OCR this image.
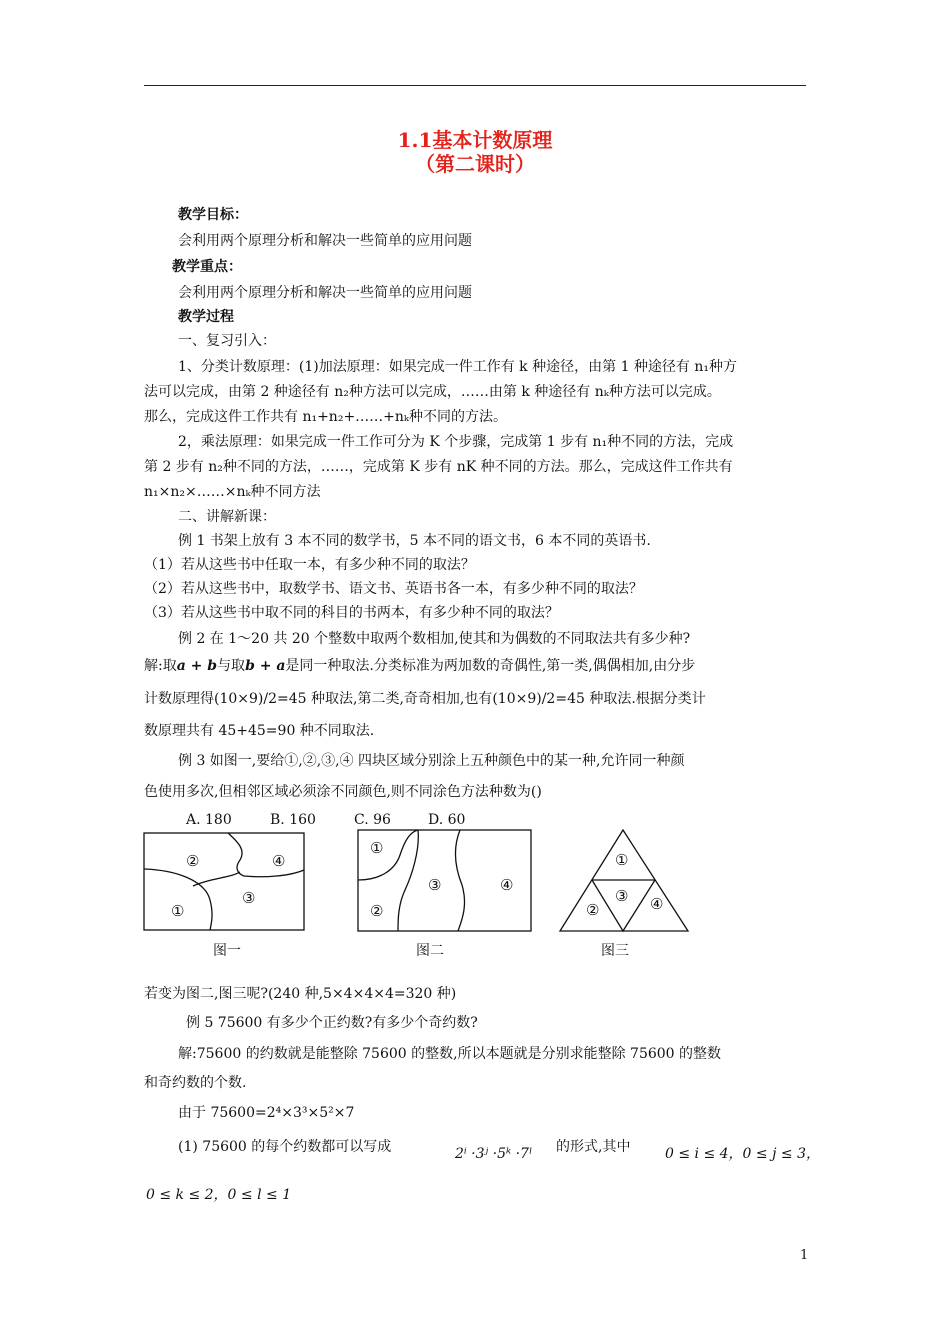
1.1基本计数原理
（第二课时）
教学目标：
会利用两个原理分析和解决一些简单的应用问题
教学重点：
会利用两个原理分析和解决一些简单的应用问题
教学过程
一、复习引入：
1、分类计数原理：(1)加法原理：如果完成一件工作有 k 种途径，由第 1 种途径有 n₁种方
法可以完成，由第 2 种途径有 n₂种方法可以完成，……由第 k 种途径有 nₖ种方法可以完成。
那么，完成这件工作共有 n₁+n₂+……+nₖ种不同的方法。
2，乘法原理：如果完成一件工作可分为 K 个步骤，完成第 1 步有 n₁种不同的方法，完成
第 2 步有 n₂种不同的方法，……，完成第 K 步有 nK 种不同的方法。那么，完成这件工作共有
n₁×n₂×……×nₖ种不同方法
二、讲解新课：
例 1 书架上放有 3 本不同的数学书，5 本不同的语文书，6 本不同的英语书.
（1）若从这些书中任取一本，有多少种不同的取法？
（2）若从这些书中，取数学书、语文书、英语书各一本，有多少种不同的取法？
（3）若从这些书中取不同的科目的书两本，有多少种不同的取法？
例 2 在 1～20 共 20 个整数中取两个数相加,使其和为偶数的不同取法共有多少种?
解:取a + b与取b + a是同一种取法.分类标准为两加数的奇偶性,第一类,偶偶相加,由分步
计数原理得(10×9)/2=45 种取法,第二类,奇奇相加,也有(10×9)/2=45 种取法.根据分类计
数原理共有 45+45=90 种不同取法.
例 3 如图一,要给①,②,③,④ 四块区域分别涂上五种颜色中的某一种,允许同一种颜
色使用多次,但相邻区域必须涂不同颜色,则不同涂色方法种数为()
A. 180	B. 160	C. 96	D. 60
②	④
③
①
①
③	④
②
①
③
②	④
图一	图二	图三
若变为图二,图三呢?(240 种,5×4×4×4=320 种)
例 5 75600 有多少个正约数?有多少个奇约数?
解:75600 的约数就是能整除 75600 的整数,所以本题就是分别求能整除 75600 的整数
和奇约数的个数.
由于 75600=2⁴×3³×5²×7
(1) 75600 的每个约数都可以写成	2ⁱ ·3ʲ ·5ᵏ ·7ˡ 的形式,其中 0 ≤ i ≤ 4，0 ≤ j ≤ 3，
0 ≤ k ≤ 2，0 ≤ l ≤ 1
1
